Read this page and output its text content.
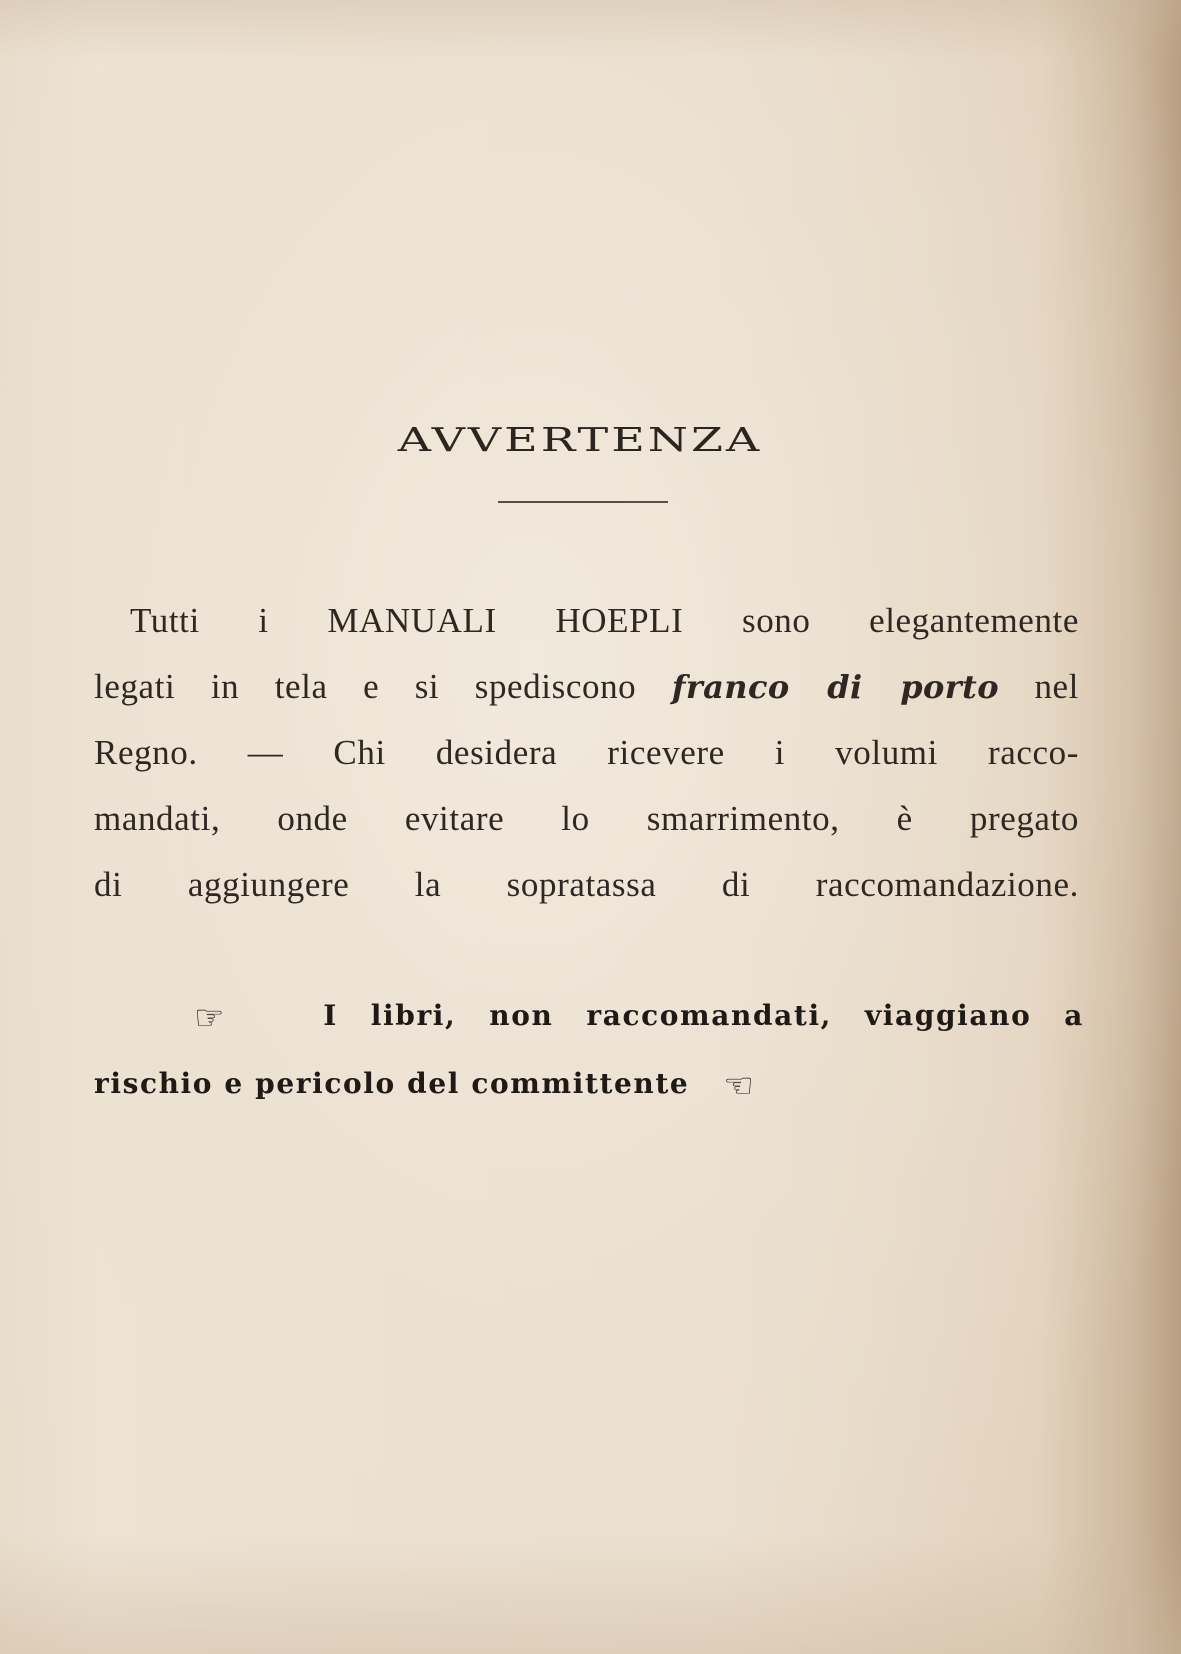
AVVERTENZA
Tutti i MANUALI HOEPLI sono elegantemente
legati in tela e si spediscono franco di porto nel
Regno. — Chi desidera ricevere i volumi racco-
mandati, onde evitare lo smarrimento, è pregato
di aggiungere la sopratassa di raccomandazione.
☞	I libri, non raccomandati, viaggiano a
rischio e pericolo del committente ☜
